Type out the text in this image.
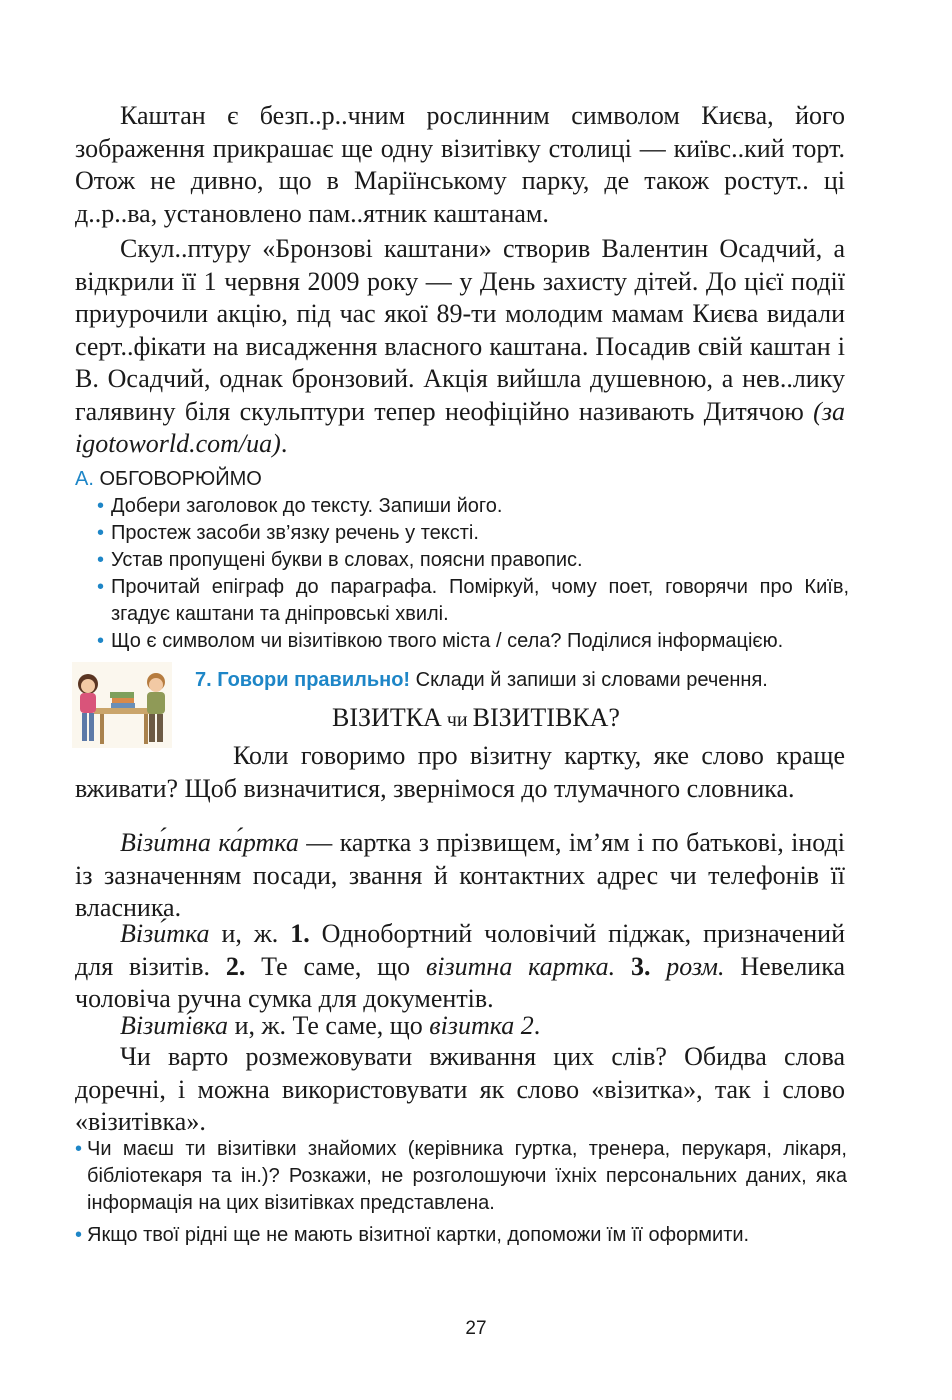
Каштан є безп..р..чним рослинним символом Києва, його зображення прикрашає ще одну візитівку столиці — київс..кий торт. Отож не дивно, що в Маріїнському парку, де також ростут.. ці д..р..ва, установлено пам..ятник каштанам.

Скул..птуру «Бронзові каштани» створив Валентин Осадчий, а відкрили її 1 червня 2009 року — у День захисту дітей. До цієї події приурочили акцію, під час якої 89-ти молодим мамам Києва видали серт..фікати на висадження власного каштана. Посадив свій каштан і В. Осадчий, однак бронзовий. Акція вийшла душевною, а нев..лику галявину біля скульптури тепер неофіційно називають Дитячою (за igotoworld.com/ua).

А. ОБГОВОРЮЙМО
• Добери заголовок до тексту. Запиши його.
• Простеж засоби зв’язку речень у тексті.
• Устав пропущені букви в словах, поясни правопис.
• Прочитай епіграф до параграфа. Поміркуй, чому поет, говорячи про Київ, згадує каштани та дніпровські хвилі.
• Що є символом чи візитівкою твого міста / села? Поділися інформацією.
7. Говори правильно! Склади й запиши зі словами речення.
ВІЗИТКА чи ВІЗИТІВКА?

Коли говоримо про візитну картку, яке слово краще вживати? Щоб визначитися, звернімося до тлумачного словника.

Візи́тна ка́ртка — картка з прізвищем, ім’ям і по батькові, іноді із зазначенням посади, звання й контактних адрес чи телефонів її власника.

Візи́тка и, ж. 1. Однобортний чоловічий піджак, призначений для візитів. 2. Те саме, що візитна картка. 3. розм. Невелика чоловіча ручна сумка для документів.

Візиті́вка и, ж. Те саме, що візитка 2.

Чи варто розмежовувати вживання цих слів? Обидва слова доречні, і можна використовувати як слово «візитка», так і слово «візитівка».

• Чи маєш ти візитівки знайомих (керівника гуртка, тренера, перукаря, лікаря, бібліотекаря та ін.)? Розкажи, не розголошуючи їхніх персональних даних, яка інформація на цих візитівках представлена.
• Якщо твої рідні ще не мають візитної картки, допоможи їм її оформити.
27
